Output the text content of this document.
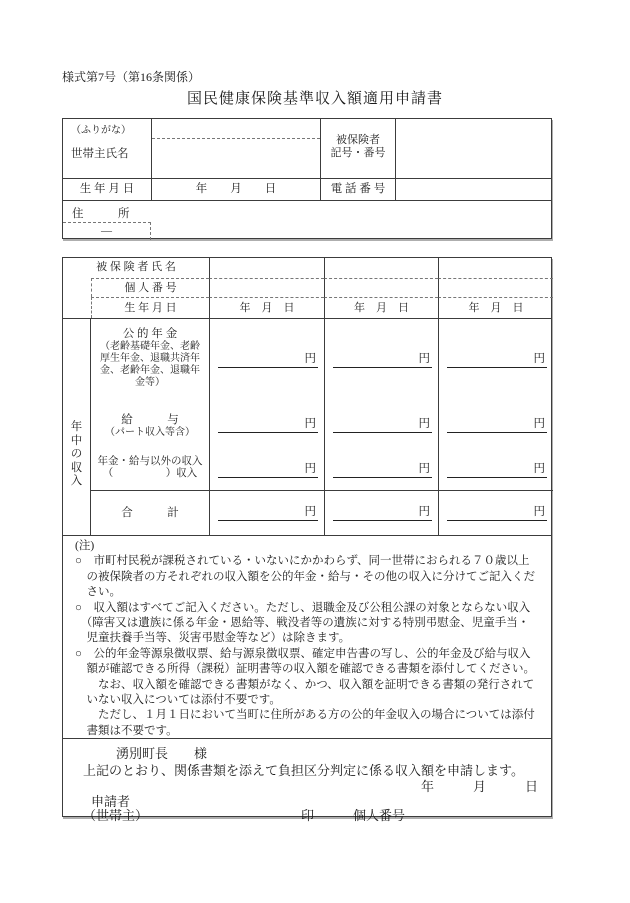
様式第7号（第16条関係）
国民健康保険基準収入額適用申請書
（ふりがな）
世帯主氏名
被保険者
記号・番号
生 年 月 日	年　　月　　日	電 話 番 号
住　　　所
—
被 保 険 者 氏 名
個 人 番 号
生 年 月 日	年　月　日	年　月　日	年　月　日
年中の収入
公 的 年 金
（老齢基礎年金、老齢
厚生年金、退職共済年
金、老齢年金、退職年
金等）
円	円	円
給　　　与
（パート収入等含）
円	円	円
年金・給与以外の収入
（　　　　　）収入	円	円	円
合　　　計	円	円	円
(注)
○　市町村民税が課税されている・いないにかかわらず、同一世帯におられる７０歳以上
　の被保険者の方それぞれの収入額を公的年金・給与・その他の収入に分けてご記入くだ
　さい。
○　収入額はすべてご記入ください。ただし、退職金及び公租公課の対象とならない収入
　（障害又は遺族に係る年金・恩給等、戦没者等の遺族に対する特別弔慰金、児童手当・
　児童扶養手当等、災害弔慰金等など）は除きます。
○　公的年金等源泉徴収票、給与源泉徴収票、確定申告書の写し、公的年金及び給与収入
　額が確認できる所得（課税）証明書等の収入額を確認できる書類を添付してください。
　　なお、収入額を確認できる書類がなく、かつ、収入額を証明できる書類の発行されて
　いない収入については添付不要です。
　　ただし、１月１日において当町に住所がある方の公的年金収入の場合については添付
　書類は不要です。
湧別町長　　様
上記のとおり、関係書類を添えて負担区分判定に係る収入額を申請します。
年　　　月　　　日
申請者
（世帯主）	印	個人番号
